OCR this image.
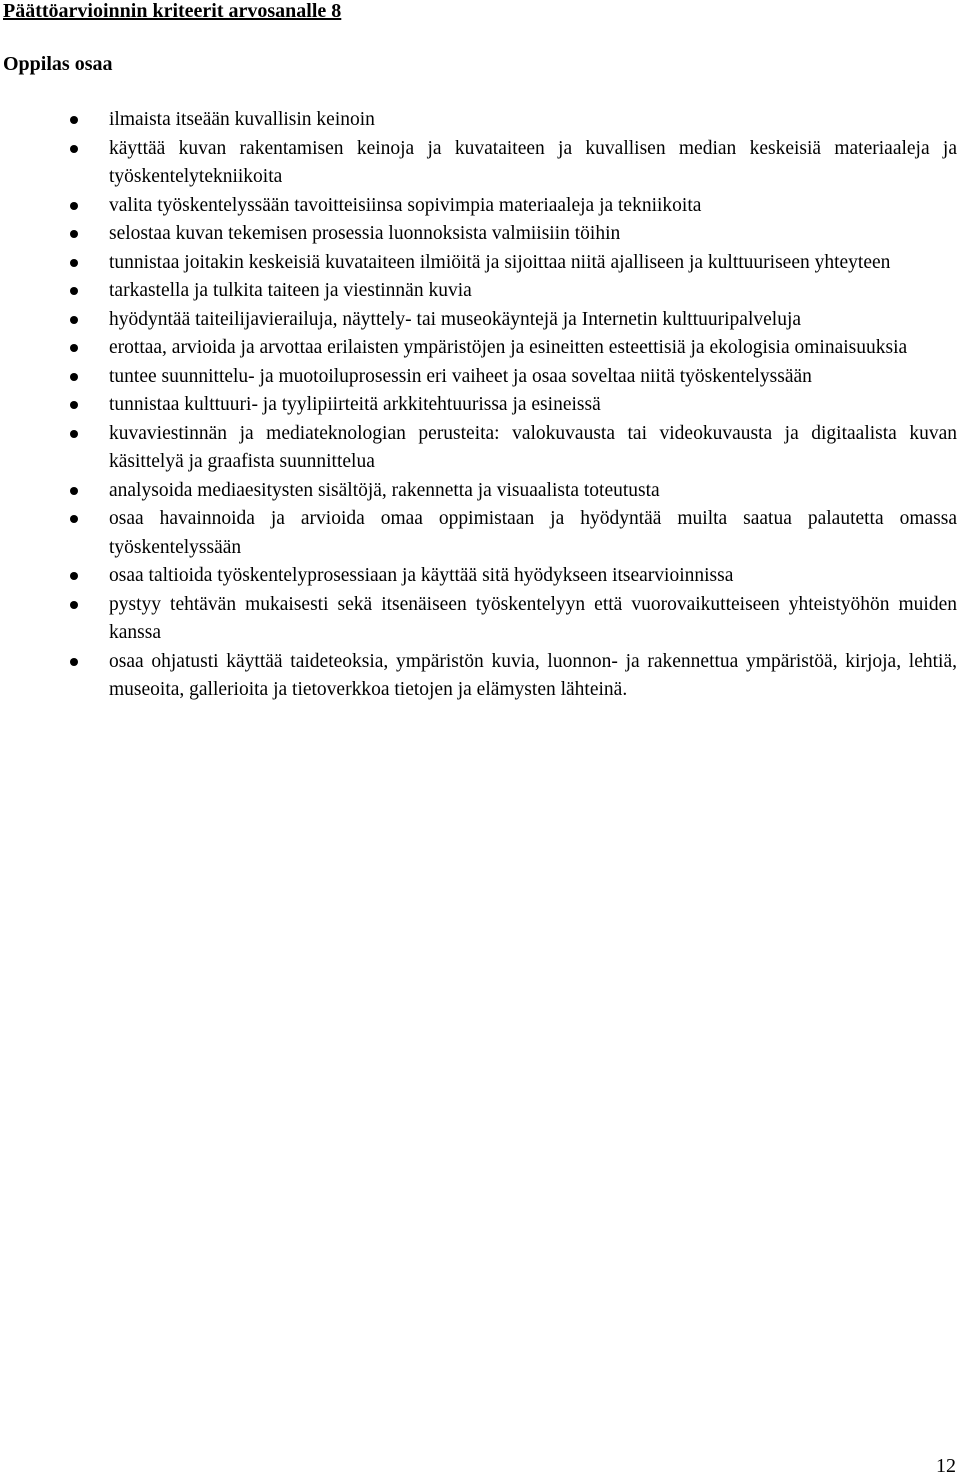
Päättöarvioinnin kriteerit arvosanalle 8
Oppilas osaa
ilmaista itseään kuvallisin keinoin
käyttää kuvan rakentamisen keinoja ja kuvataiteen ja kuvallisen median keskeisiä materiaaleja ja työskentelytekniikoita
valita työskentelyssään tavoitteisiinsa sopivimpia materiaaleja ja tekniikoita
selostaa kuvan tekemisen prosessia luonnoksista valmiisiin töihin
tunnistaa joitakin keskeisiä kuvataiteen ilmiöitä ja sijoittaa niitä ajalliseen ja kulttuuriseen yhteyteen
tarkastella ja tulkita taiteen ja viestinnän kuvia
hyödyntää taiteilijavierailuja, näyttely- tai museokäyntejä ja Internetin kulttuuripalveluja
erottaa, arvioida ja arvottaa erilaisten ympäristöjen ja esineitten esteettisiä ja ekologisia ominaisuuksia
tuntee suunnittelu- ja muotoiluprosessin eri vaiheet ja osaa soveltaa niitä työskentelyssään
tunnistaa kulttuuri- ja tyylipiirteitä arkkitehtuurissa ja esineissä
kuvaviestinnän ja mediateknologian perusteita: valokuvausta tai videokuvausta ja digitaalista kuvan käsittelyä ja graafista suunnittelua
analysoida mediaesitysten sisältöjä, rakennetta ja visuaalista toteutusta
osaa havainnoida ja arvioida omaa oppimistaan ja hyödyntää muilta saatua palautetta omassa työskentelyssään
osaa taltioida työskentelyprosessiaan ja käyttää sitä hyödykseen itsearvioinnissa
pystyy tehtävän mukaisesti sekä itsenäiseen työskentelyyn että vuorovaikutteiseen yhteistyöhön muiden kanssa
osaa ohjatusti käyttää taideteoksia, ympäristön kuvia, luonnon- ja rakennettua ympäristöä, kirjoja, lehtiä, museoita, gallerioita ja tietoverkkoa tietojen ja elämysten lähteinä.
12
